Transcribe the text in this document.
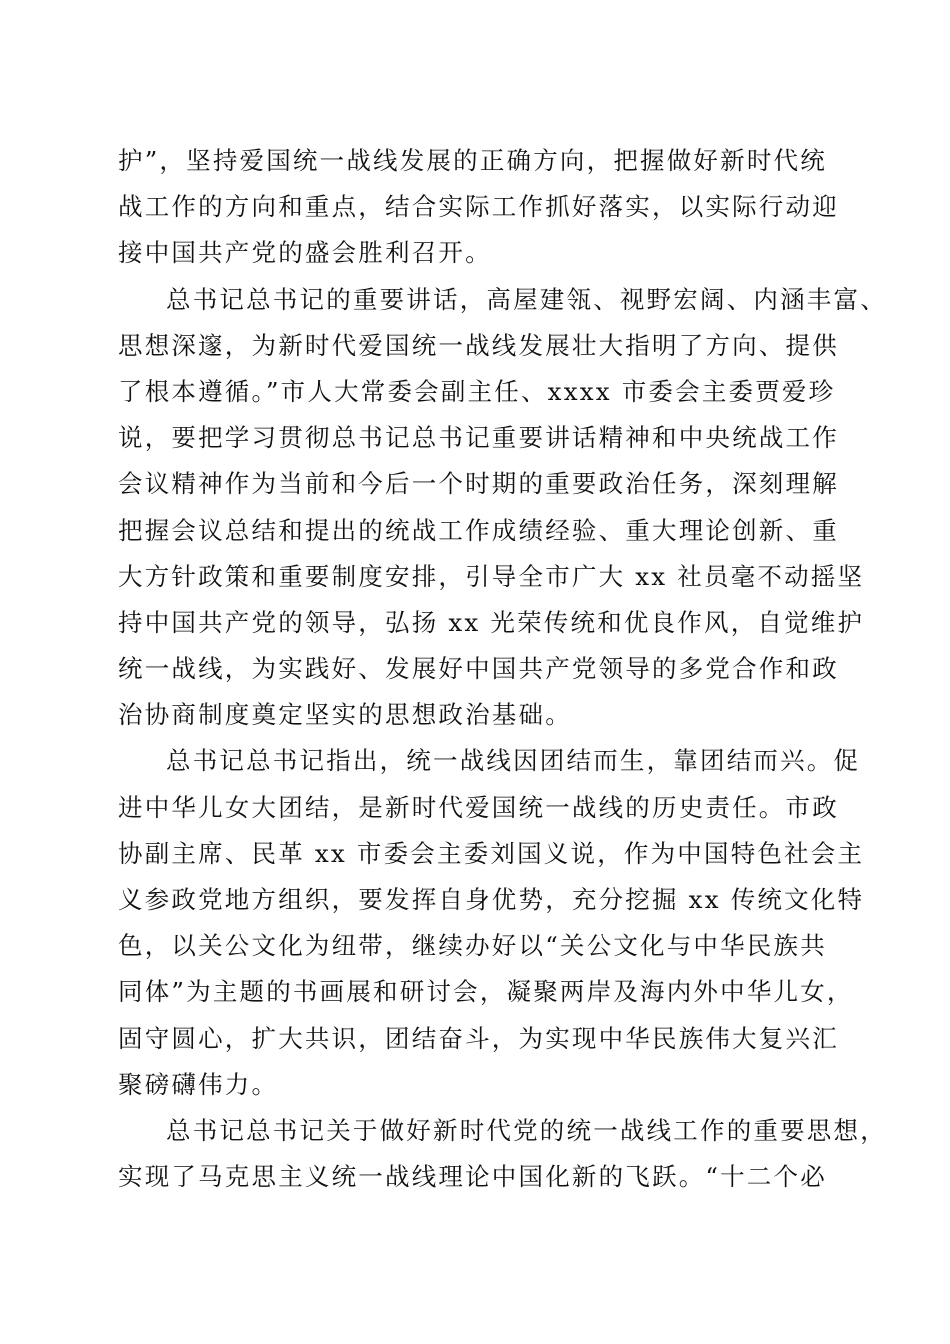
护”，坚持爱国统一战线发展的正确方向，把握做好新时代统
战工作的方向和重点，结合实际工作抓好落实，以实际行动迎
接中国共产党的盛会胜利召开。
总书记总书记的重要讲话，高屋建瓴、视野宏阔、内涵丰富、
思想深邃，为新时代爱国统一战线发展壮大指明了方向、提供
了根本遵循。”市人大常委会副主任、xxxx 市委会主委贾爱珍
说，要把学习贯彻总书记总书记重要讲话精神和中央统战工作
会议精神作为当前和今后一个时期的重要政治任务，深刻理解
把握会议总结和提出的统战工作成绩经验、重大理论创新、重
大方针政策和重要制度安排，引导全市广大 xx 社员毫不动摇坚
持中国共产党的领导，弘扬 xx 光荣传统和优良作风，自觉维护
统一战线，为实践好、发展好中国共产党领导的多党合作和政
治协商制度奠定坚实的思想政治基础。
总书记总书记指出，统一战线因团结而生，靠团结而兴。促
进中华儿女大团结，是新时代爱国统一战线的历史责任。市政
协副主席、民革 xx 市委会主委刘国义说，作为中国特色社会主
义参政党地方组织，要发挥自身优势，充分挖掘 xx 传统文化特
色，以关公文化为纽带，继续办好以“关公文化与中华民族共
同体”为主题的书画展和研讨会，凝聚两岸及海内外中华儿女，
固守圆心，扩大共识，团结奋斗，为实现中华民族伟大复兴汇
聚磅礴伟力。
总书记总书记关于做好新时代党的统一战线工作的重要思想，
实现了马克思主义统一战线理论中国化新的飞跃。“十二个必
